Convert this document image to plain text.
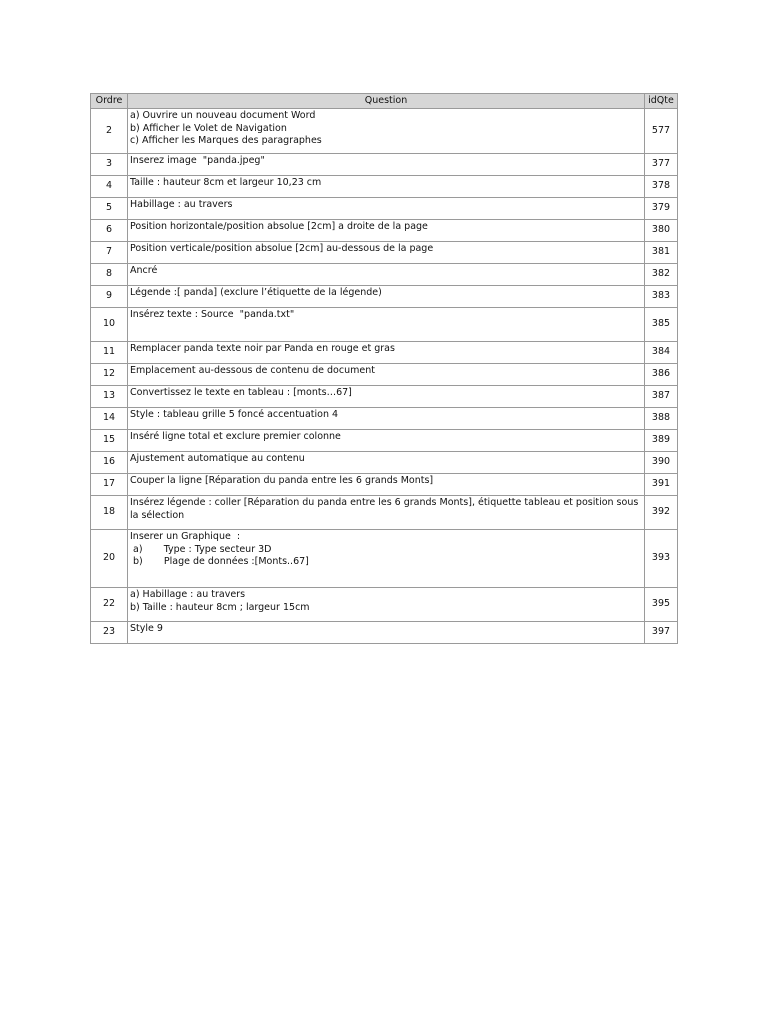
Ordre	Question	idQte
2	a) Ouvrire un nouveau document Word
b) Afficher le Volet de Navigation
c) Afficher les Marques des paragraphes	577
3	Inserez image  "panda.jpeg"	377
4	Taille : hauteur 8cm et largeur 10,23 cm	378
5	Habillage : au travers	379
6	Position horizontale/position absolue [2cm] a droite de la page	380
7	Position verticale/position absolue [2cm] au-dessous de la page	381
8	Ancré	382
9	Légende :[ panda] (exclure l’étiquette de la légende)	383
10	Insérez texte : Source  "panda.txt"	385
11	Remplacer panda texte noir par Panda en rouge et gras	384
12	Emplacement au-dessous de contenu de document	386
13	Convertissez le texte en tableau : [monts…67]	387
14	Style : tableau grille 5 foncé accentuation 4	388
15	Inséré ligne total et exclure premier colonne	389
16	Ajustement automatique au contenu	390
17	Couper la ligne [Réparation du panda entre les 6 grands Monts]	391
18	Insérez légende : coller [Réparation du panda entre les 6 grands Monts], étiquette tableau et position sous la sélection	392
20	Inserer un Graphique  :
a)       Type : Type secteur 3D
b)       Plage de données :[Monts..67]	393
22	a) Habillage : au travers
b) Taille : hauteur 8cm ; largeur 15cm	395
23	Style 9	397
